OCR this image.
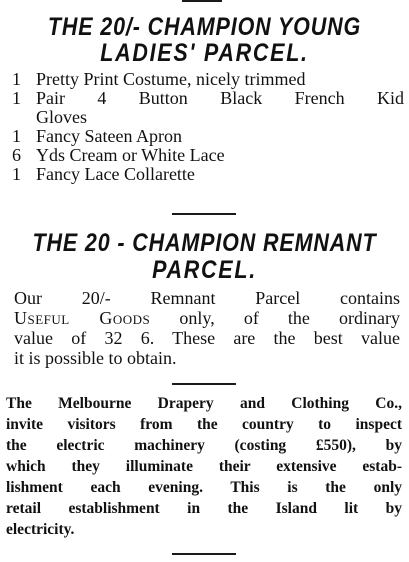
THE 20/- CHAMPION YOUNG
LADIES' PARCEL.
1 Pretty Print Costume, nicely trimmed
1 Pair 4 Button Black French Kid
Gloves
1 Fancy Sateen Apron
6 Yds Cream or White Lace
1 Fancy Lace Collarette
THE 20 - CHAMPION REMNANT
PARCEL.
Our 20/- Remnant Parcel contains
Useful Goods only, of the ordinary
value of 32 6. These are the best value
it is possible to obtain.
The Melbourne Drapery and Clothing Co.,
invite visitors from the country to inspect
the electric machinery (costing £550), by
which they illuminate their extensive estab-
lishment each evening. This is the only
retail establishment in the Island lit by
electricity.
